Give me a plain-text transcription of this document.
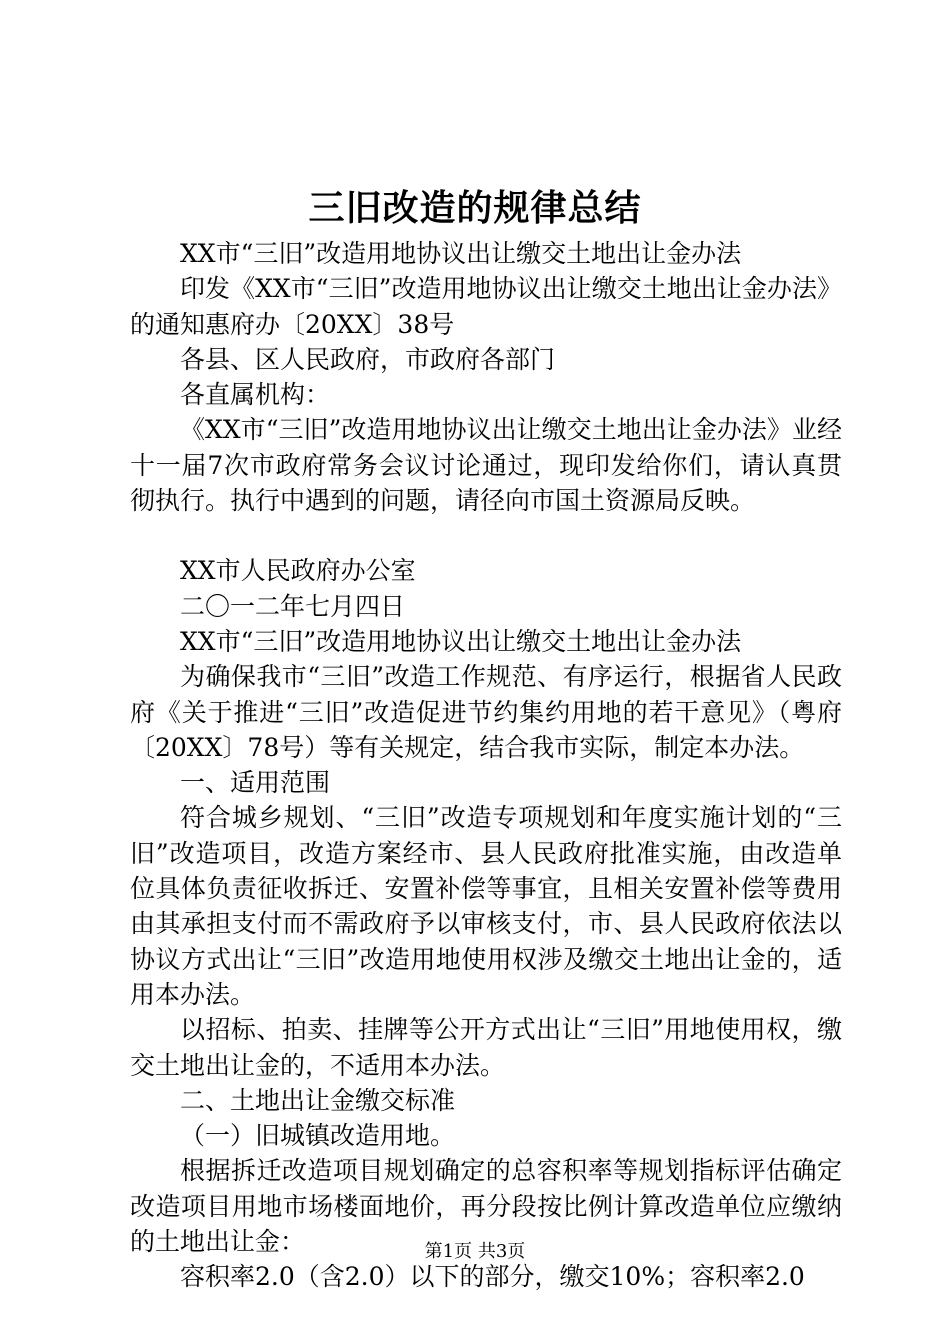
三旧改造的规律总结

XX市“三旧”改造用地协议出让缴交土地出让金办法

印发《XX市“三旧”改造用地协议出让缴交土地出让金办法》的通知惠府办〔20XX〕38号

各县、区人民政府，市政府各部门

各直属机构：

《XX市“三旧”改造用地协议出让缴交土地出让金办法》业经十一届7次市政府常务会议讨论通过，现印发给你们，请认真贯彻执行。执行中遇到的问题，请径向市国土资源局反映。

XX市人民政府办公室

二〇一二年七月四日

XX市“三旧”改造用地协议出让缴交土地出让金办法

为确保我市“三旧”改造工作规范、有序运行，根据省人民政府《关于推进“三旧”改造促进节约集约用地的若干意见》（粤府〔20XX〕78号）等有关规定，结合我市实际，制定本办法。

一、适用范围

符合城乡规划、“三旧”改造专项规划和年度实施计划的“三旧”改造项目，改造方案经市、县人民政府批准实施，由改造单位具体负责征收拆迁、安置补偿等事宜，且相关安置补偿等费用由其承担支付而不需政府予以审核支付，市、县人民政府依法以协议方式出让“三旧”改造用地使用权涉及缴交土地出让金的，适用本办法。

以招标、拍卖、挂牌等公开方式出让“三旧”用地使用权，缴交土地出让金的，不适用本办法。

二、土地出让金缴交标准

（一）旧城镇改造用地。

根据拆迁改造项目规划确定的总容积率等规划指标评估确定改造项目用地市场楼面地价，再分段按比例计算改造单位应缴纳的土地出让金：

容积率2.0（含2.0）以下的部分，缴交10%；容积率2.0

第1页 共3页
